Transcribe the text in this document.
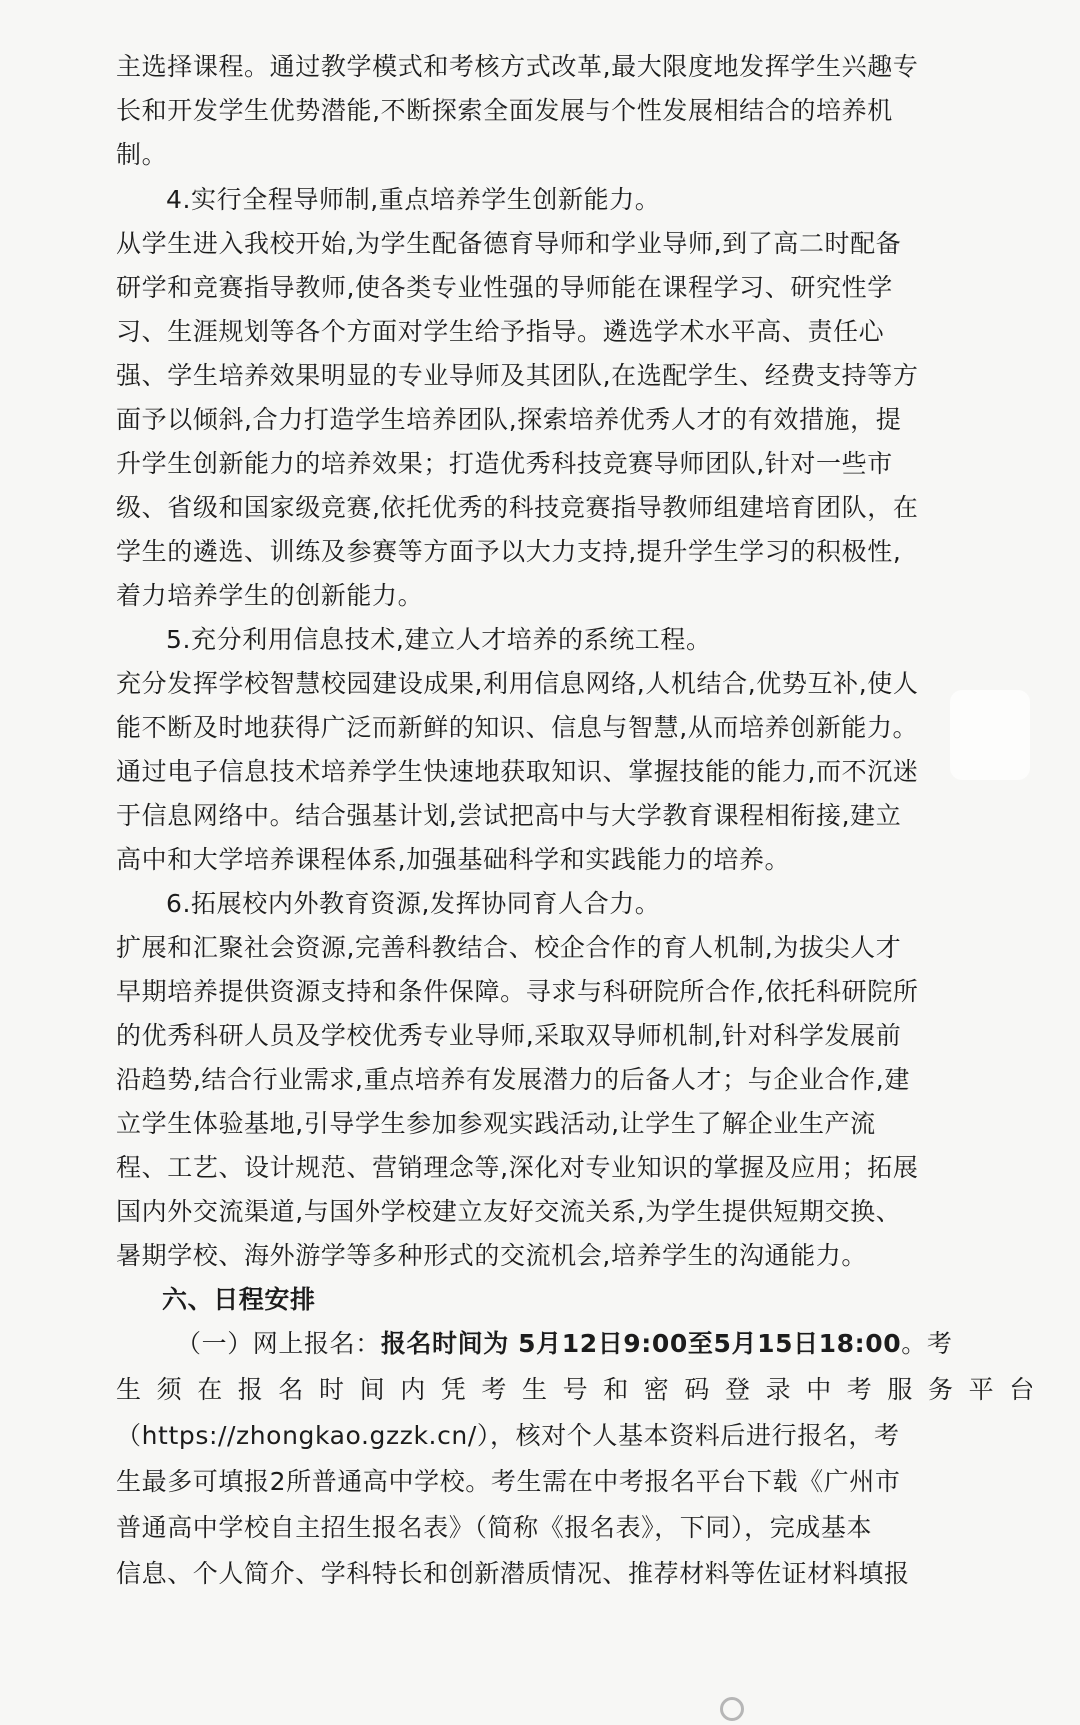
主 选 择 课 程 。 通 过 教 学 模 式 和 考 核 方 式 改 革 , 最 大 限 度 地 发 挥 学 生 兴 趣 专
长 和 开 发 学 生 优 势 潜 能 , 不 断 探 索 全 面 发 展 与 个 性 发 展 相 结 合 的 培 养 机
制。
4.实行全程导师制,重点培养学生创新能力。
从 学 生 进 入 我 校 开 始 , 为 学 生 配 备 德 育 导 师 和 学 业 导 师 , 到 了 高 二 时 配 备
研 学 和 竞 赛 指 导 教 师 , 使 各 类 专 业 性 强 的 导 师 能 在 课 程 学 习 、 研 究 性 学
习 、 生 涯 规 划 等 各 个 方 面 对 学 生 给 予 指 导 。 遴 选 学 术 水 平 高 、 责 任 心
强 、 学 生 培 养 效 果 明 显 的 专 业 导 师 及 其 团 队 , 在 选 配 学 生 、 经 费 支 持 等 方
面 予 以 倾 斜 , 合 力 打 造 学 生 培 养 团 队 , 探 索 培 养 优 秀 人 才 的 有 效 措 施 ， 提
升 学 生 创 新 能 力 的 培 养 效 果 ； 打 造 优 秀 科 技 竞 赛 导 师 团 队 , 针 对 一 些 市
级 、 省 级 和 国 家 级 竞 赛 , 依 托 优 秀 的 科 技 竞 赛 指 导 教 师 组 建 培 育 团 队 ， 在
学 生 的 遴 选 、 训 练 及 参 赛 等 方 面 予 以 大 力 支 持 , 提 升 学 生 学 习 的 积 极 性 ,
着力培养学生的创新能力。
5.充分利用信息技术,建立人才培养的系统工程。
充 分 发 挥 学 校 智 慧 校 园 建 设 成 果 , 利 用 信 息 网 络 , 人 机 结 合 , 优 势 互 补 , 使 人
能不断及时地获得广泛而新鲜的知识、信息与智慧,从而培养创新能力。
通 过 电 子 信 息 技 术 培 养 学 生 快 速 地 获 取 知 识 、 掌 握 技 能 的 能 力 , 而 不 沉 迷
于 信 息 网 络 中 。 结 合 强 基 计 划 , 尝 试 把 高 中 与 大 学 教 育 课 程 相 衔 接 , 建 立
高中和大学培养课程体系,加强基础科学和实践能力的培养。
6.拓展校内外教育资源,发挥协同育人合力。
扩 展 和 汇 聚 社 会 资 源 , 完 善 科 教 结 合 、 校 企 合 作 的 育 人 机 制 , 为 拔 尖 人 才
早 期 培 养 提 供 资 源 支 持 和 条 件 保 障 。 寻 求 与 科 研 院 所 合 作 , 依 托 科 研 院 所
的 优 秀 科 研 人 员 及 学 校 优 秀 专 业 导 师 , 采 取 双 导 师 机 制 , 针 对 科 学 发 展 前
沿 趋 势 , 结 合 行 业 需 求 , 重 点 培 养 有 发 展 潜 力 的 后 备 人 才 ； 与 企 业 合 作 , 建
立 学 生 体 验 基 地 , 引 导 学 生 参 加 参 观 实 践 活 动 , 让 学 生 了 解 企 业 生 产 流
程 、 工 艺 、 设 计 规 范 、 营 销 理 念 等 , 深 化 对 专 业 知 识 的 掌 握 及 应 用 ； 拓 展
国 内 外 交 流 渠 道 , 与 国 外 学 校 建 立 友 好 交 流 关 系 , 为 学 生 提 供 短 期 交 换 、
暑期学校、海外游学等多种形式的交流机会,培养学生的沟通能力。
六、日程安排
（一）网上报名：报名时间为 5月12日9:00至5月15日18:00。考
生须在报名时间内凭考生号和密码登录中考服务平台
（https://zhongkao.gzzk.cn/），核对个人基本资料后进行报名，考
生最多可填报2所普通高中学校。考生需在中考报名平台下载《广州市
普通高中学校自主招生报名表》（简称《报名表》，下同），完成基本
信息、个人简介、学科特长和创新潜质情况、推荐材料等佐证材料填报
